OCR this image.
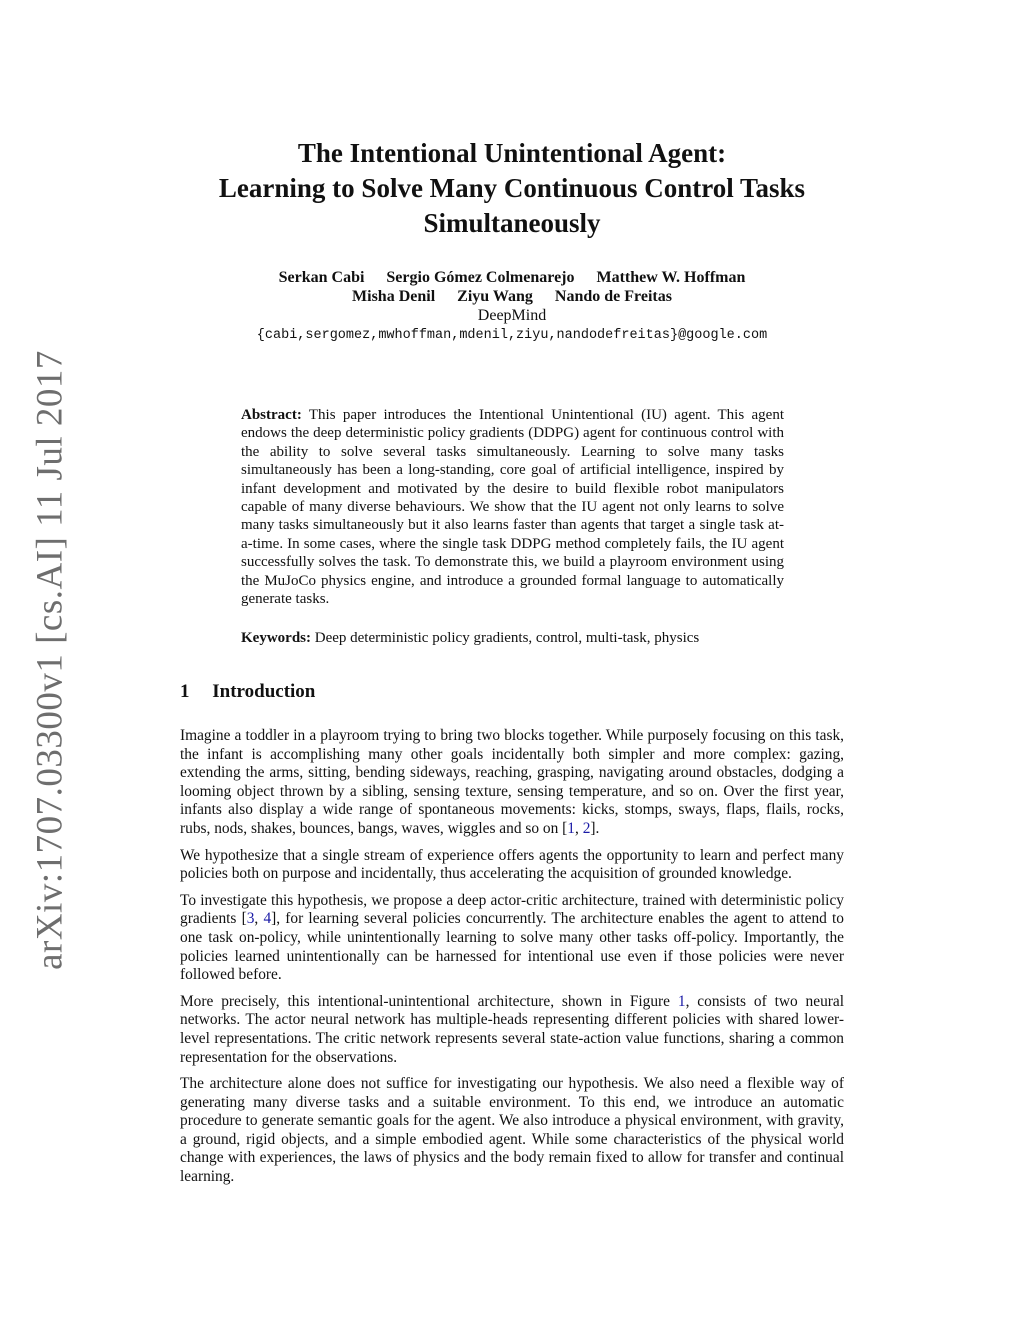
arXiv:1707.03300v1 [cs.AI] 11 Jul 2017
The Intentional Unintentional Agent:
Learning to Solve Many Continuous Control Tasks
Simultaneously
Serkan Cabi Sergio Gómez Colmenarejo Matthew W. Hoffman
Misha Denil Ziyu Wang Nando de Freitas
DeepMind
{cabi,sergomez,mwhoffman,mdenil,ziyu,nandodefreitas}@google.com

Abstract: This paper introduces the Intentional Unintentional (IU) agent. This agent endows the deep deterministic policy gradients (DDPG) agent for continuous control with the ability to solve several tasks simultaneously. Learning to solve many tasks simultaneously has been a long-standing, core goal of artificial intelligence, inspired by infant development and motivated by the desire to build flexible robot manipulators capable of many diverse behaviours. We show that the IU agent not only learns to solve many tasks simultaneously but it also learns faster than agents that target a single task at-a-time. In some cases, where the single task DDPG method completely fails, the IU agent successfully solves the task. To demonstrate this, we build a playroom environment using the MuJoCo physics engine, and introduce a grounded formal language to automatically generate tasks.

Keywords: Deep deterministic policy gradients, control, multi-task, physics

1 Introduction

Imagine a toddler in a playroom trying to bring two blocks together. While purposely focusing on this task, the infant is accomplishing many other goals incidentally both simpler and more complex: gazing, extending the arms, sitting, bending sideways, reaching, grasping, navigating around obstacles, dodging a looming object thrown by a sibling, sensing texture, sensing temperature, and so on. Over the first year, infants also display a wide range of spontaneous movements: kicks, stomps, sways, flaps, flails, rocks, rubs, nods, shakes, bounces, bangs, waves, wiggles and so on [1, 2].

We hypothesize that a single stream of experience offers agents the opportunity to learn and perfect many policies both on purpose and incidentally, thus accelerating the acquisition of grounded knowledge.

To investigate this hypothesis, we propose a deep actor-critic architecture, trained with deterministic policy gradients [3, 4], for learning several policies concurrently. The architecture enables the agent to attend to one task on-policy, while unintentionally learning to solve many other tasks off-policy. Importantly, the policies learned unintentionally can be harnessed for intentional use even if those policies were never followed before.

More precisely, this intentional-unintentional architecture, shown in Figure 1, consists of two neural networks. The actor neural network has multiple-heads representing different policies with shared lower-level representations. The critic network represents several state-action value functions, sharing a common representation for the observations.

The architecture alone does not suffice for investigating our hypothesis. We also need a flexible way of generating many diverse tasks and a suitable environment. To this end, we introduce an automatic procedure to generate semantic goals for the agent. We also introduce a physical environment, with gravity, a ground, rigid objects, and a simple embodied agent. While some characteristics of the physical world change with experiences, the laws of physics and the body remain fixed to allow for transfer and continual learning.
